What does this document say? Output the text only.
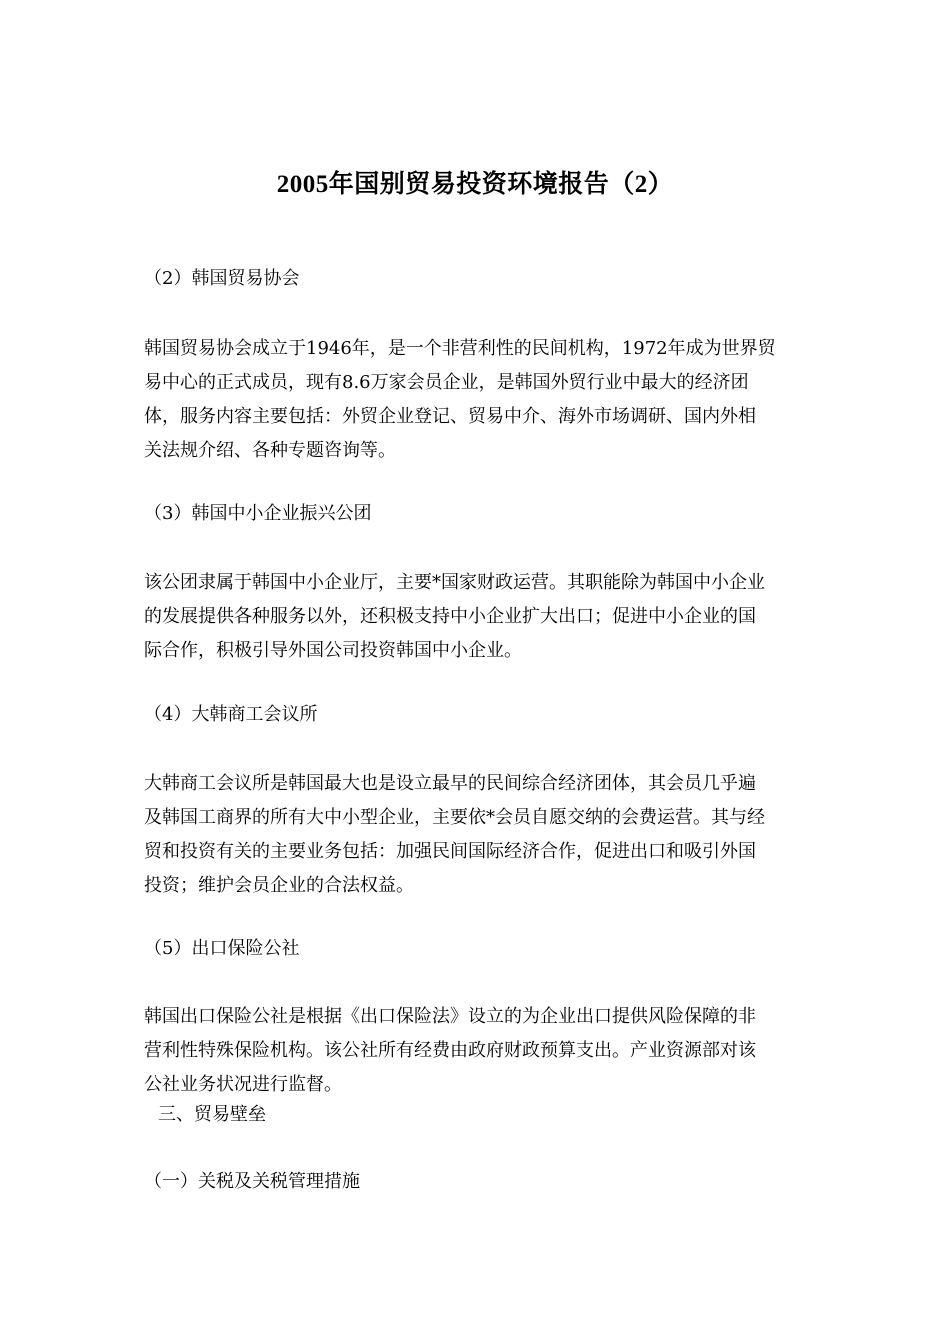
2005年国别贸易投资环境报告（2）
（2）韩国贸易协会
韩国贸易协会成立于1946年，是一个非营利性的民间机构，1972年成为世界贸
易中心的正式成员，现有8.6万家会员企业，是韩国外贸行业中最大的经济团
体，服务内容主要包括：外贸企业登记、贸易中介、海外市场调研、国内外相
关法规介绍、各种专题咨询等。
（3）韩国中小企业振兴公团
该公团隶属于韩国中小企业厅，主要*国家财政运营。其职能除为韩国中小企业
的发展提供各种服务以外，还积极支持中小企业扩大出口；促进中小企业的国
际合作，积极引导外国公司投资韩国中小企业。
（4）大韩商工会议所
大韩商工会议所是韩国最大也是设立最早的民间综合经济团体，其会员几乎遍
及韩国工商界的所有大中小型企业，主要依*会员自愿交纳的会费运营。其与经
贸和投资有关的主要业务包括：加强民间国际经济合作，促进出口和吸引外国
投资；维护会员企业的合法权益。
（5）出口保险公社
韩国出口保险公社是根据《出口保险法》设立的为企业出口提供风险保障的非
营利性特殊保险机构。该公社所有经费由政府财政预算支出。产业资源部对该
公社业务状况进行监督。
三、贸易壁垒
（一）关税及关税管理措施
